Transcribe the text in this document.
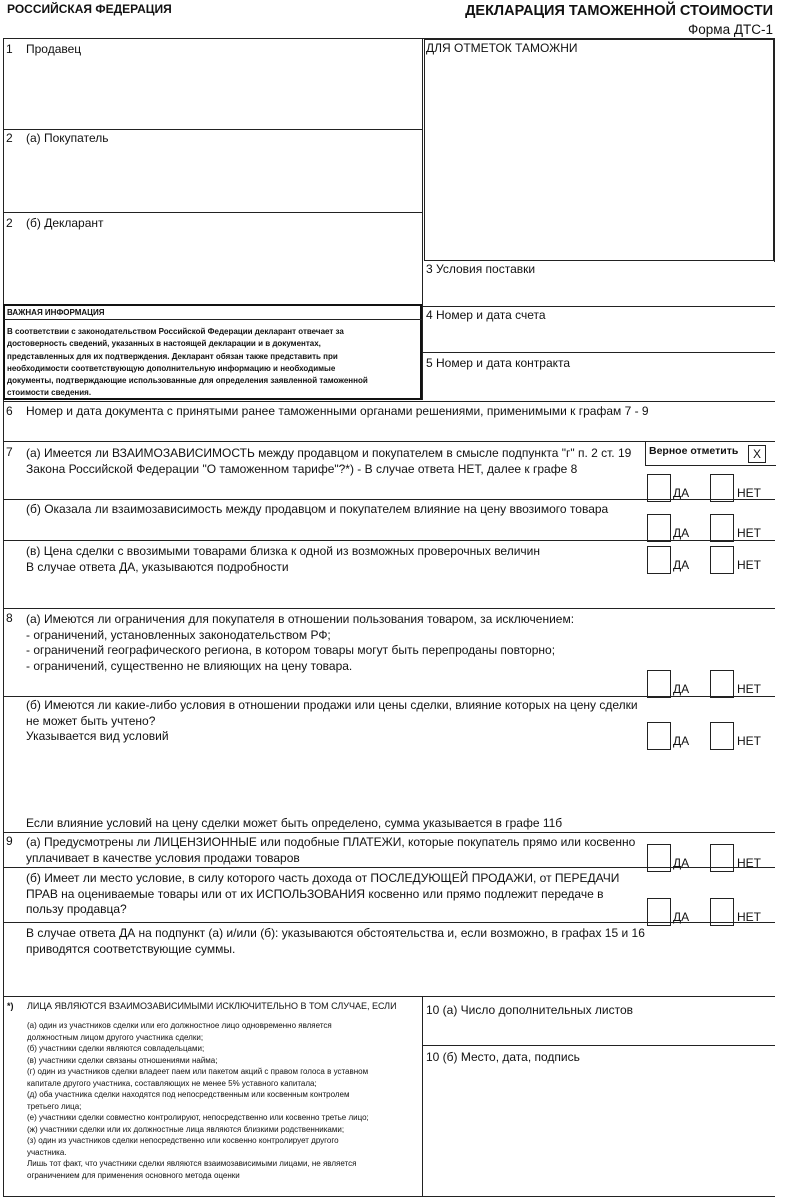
РОССИЙСКАЯ ФЕДЕРАЦИЯ	ДЕКЛАРАЦИЯ ТАМОЖЕННОЙ СТОИМОСТИ
Форма ДТС-1
1 Продавец	ДЛЯ ОТМЕТОК ТАМОЖНИ
2 (а) Покупатель
2 (б) Декларант
3 Условия поставки
4 Номер и дата счета
5 Номер и дата контракта
ВАЖНАЯ ИНФОРМАЦИЯ
В соответствии с законодательством Российской Федерации декларант отвечает за
достоверность сведений, указанных в настоящей декларации и в документах,
представленных для их подтверждения. Декларант обязан также представить при
необходимости соответствующую дополнительную информацию и необходимые
документы, подтверждающие использованные для определения заявленной таможенной
стоимости сведения.
6 Номер и дата документа с принятыми ранее таможенными органами решениями, применимыми к графам 7 - 9
7 (а) Имеется ли ВЗАИМОЗАВИСИМОСТЬ между продавцом и покупателем в смысле подпункта "г" п. 2 ст. 19
Закона Российской Федерации "О таможенном тарифе"?*) - В случае ответа НЕТ, далее к графе 8
Верное отметить	X
ДА	НЕТ
(б) Оказала ли взаимозависимость между продавцом и покупателем влияние на цену ввозимого товара
ДА	НЕТ
(в) Цена сделки с ввозимыми товарами близка к одной из возможных проверочных величин
В случае ответа ДА, указываются подробности	ДА	НЕТ
8 (а) Имеются ли ограничения для покупателя в отношении пользования товаром, за исключением:
- ограничений, установленных законодательством РФ;
- ограничений географического региона, в котором товары могут быть перепроданы повторно;
- ограничений, существенно не влияющих на цену товара.
ДА	НЕТ
(б) Имеются ли какие-либо условия в отношении продажи или цены сделки, влияние которых на цену сделки
не может быть учтено?
Указывается вид условий	ДА	НЕТ
Если влияние условий на цену сделки может быть определено, сумма указывается в графе 11б
9 (а) Предусмотрены ли ЛИЦЕНЗИОННЫЕ или подобные ПЛАТЕЖИ, которые покупатель прямо или косвенно
уплачивает в качестве условия продажи товаров	ДА	НЕТ
(б) Имеет ли место условие, в силу которого часть дохода от ПОСЛЕДУЮЩЕЙ ПРОДАЖИ, от ПЕРЕДАЧИ
ПРАВ на оцениваемые товары или от их ИСПОЛЬЗОВАНИЯ косвенно или прямо подлежит передаче в
пользу продавца?
ДА	НЕТ
В случае ответа ДА на подпункт (а) и/или (б): указываются обстоятельства и, если возможно, в графах 15 и 16
приводятся соответствующие суммы.
*) ЛИЦА ЯВЛЯЮТСЯ ВЗАИМОЗАВИСИМЫМИ ИСКЛЮЧИТЕЛЬНО В ТОМ СЛУЧАЕ, ЕСЛИ
(а) один из участников сделки или его должностное лицо одновременно является
должностным лицом другого участника сделки;
(б) участники сделки являются совладельцами;
(в) участники сделки связаны отношениями найма;
(г) один из участников сделки владеет паем или пакетом акций с правом голоса в уставном
капитале другого участника, составляющих не менее 5% уставного капитала;
(д) оба участника сделки находятся под непосредственным или косвенным контролем
третьего лица;
(е) участники сделки совместно контролируют, непосредственно или косвенно третье лицо;
(ж) участники сделки или их должностные лица являются близкими родственниками;
(з) один из участников сделки непосредственно или косвенно контролирует другого
участника.
Лишь тот факт, что участники сделки являются взаимозависимыми лицами, не является
ограничением для применения основного метода оценки
10 (а) Число дополнительных листов
10 (б) Место, дата, подпись
